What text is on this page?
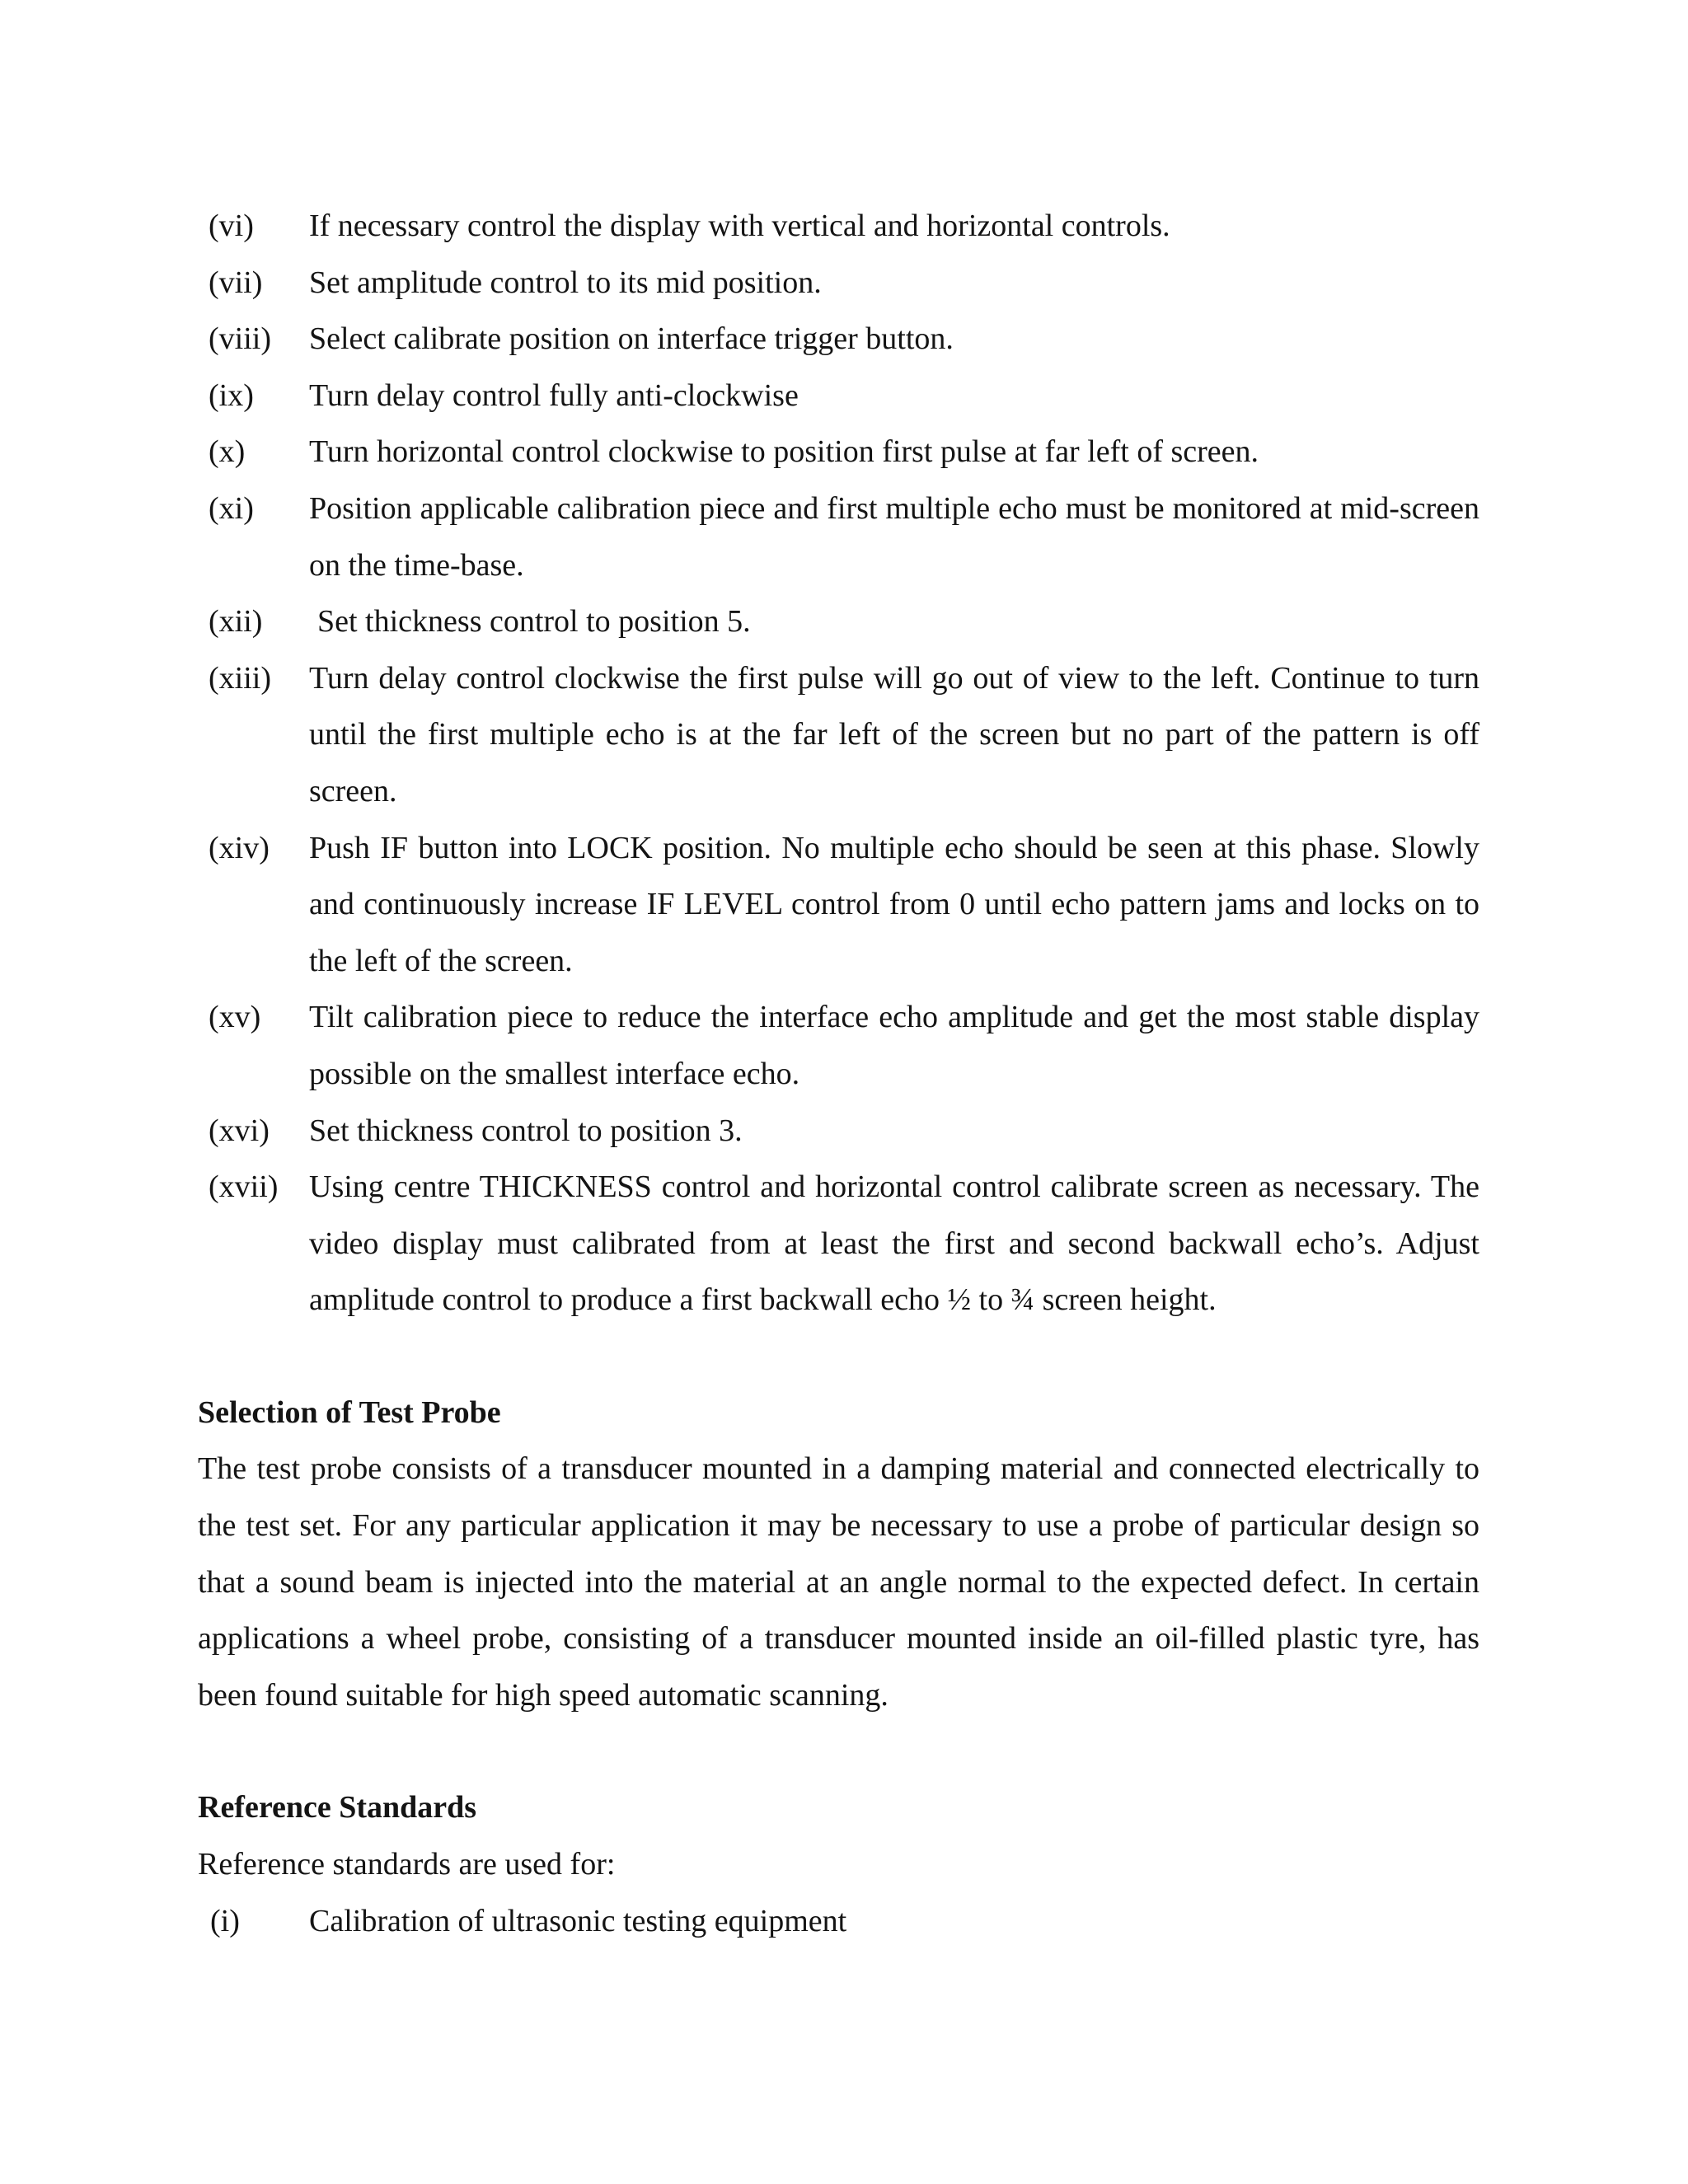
(vi) If necessary control the display with vertical and horizontal controls.
(vii) Set amplitude control to its mid position.
(viii) Select calibrate position on interface trigger button.
(ix) Turn delay control fully anti-clockwise
(x) Turn horizontal control clockwise to position first pulse at far left of screen.
(xi) Position applicable calibration piece and first multiple echo must be monitored at mid-screen on the time-base.
(xii) Set thickness control to position 5.
(xiii) Turn delay control clockwise the first pulse will go out of view to the left. Continue to turn until the first multiple echo is at the far left of the screen but no part of the pattern is off screen.
(xiv) Push IF button into LOCK position. No multiple echo should be seen at this phase. Slowly and continuously increase IF LEVEL control from 0 until echo pattern jams and locks on to the left of the screen.
(xv) Tilt calibration piece to reduce the interface echo amplitude and get the most stable display possible on the smallest interface echo.
(xvi) Set thickness control to position 3.
(xvii) Using centre THICKNESS control and horizontal control calibrate screen as necessary. The video display must calibrated from at least the first and second backwall echo’s. Adjust amplitude control to produce a first backwall echo ½ to ¾ screen height.
Selection of Test Probe
The test probe consists of a transducer mounted in a damping material and connected electrically to the test set. For any particular application it may be necessary to use a probe of particular design so that a sound beam is injected into the material at an angle normal to the expected defect. In certain applications a wheel probe, consisting of a transducer mounted inside an oil-filled plastic tyre, has been found suitable for high speed automatic scanning.
Reference Standards
Reference standards are used for:
(i) Calibration of ultrasonic testing equipment
